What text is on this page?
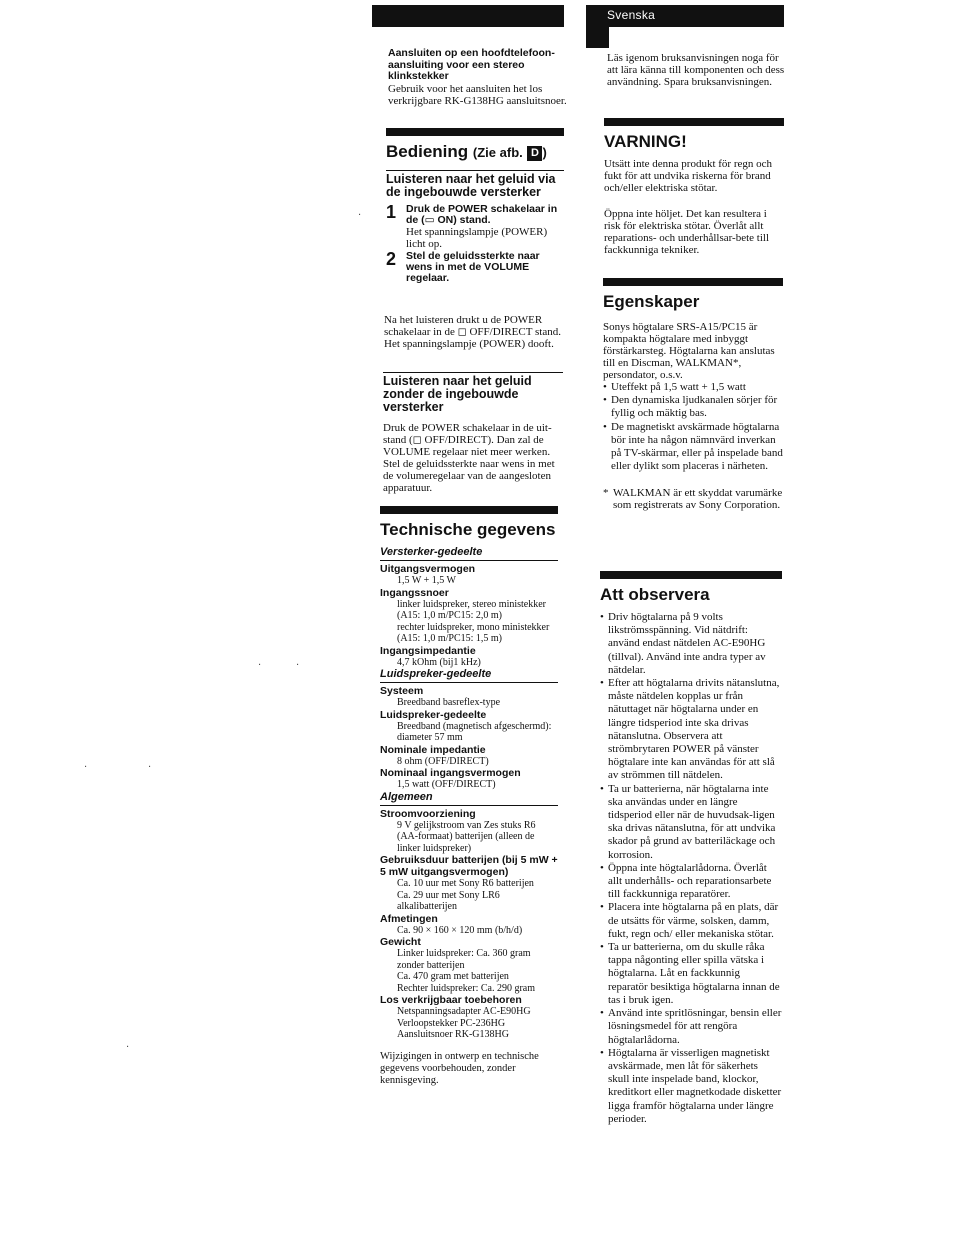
Svenska
Aansluiten op een hoofdtelefoon-aansluiting voor een stereo klinkstekker
Gebruik voor het aansluiten het los verkrijgbare RK-G138HG aansluitsnoer.
Bediening (Zie afb. D )
Luisteren naar het geluid via de ingebouwde versterker
1 Druk de POWER schakelaar in de (▭ ON) stand.
Het spanningslampje (POWER) licht op.
2 Stel de geluidssterkte naar wens in met de VOLUME regelaar.
Na het luisteren drukt u de POWER schakelaar in de ◻ OFF/DIRECT stand. Het spanningslampje (POWER) dooft.
Luisteren naar het geluid zonder de ingebouwde versterker
Druk de POWER schakelaar in de uit-stand (◻ OFF/DIRECT). Dan zal de VOLUME regelaar niet meer werken. Stel de geluidssterkte naar wens in met de volumeregelaar van de aangesloten apparatuur.
Technische gegevens
Versterker-gedeelte
Uitgangsvermogen
1,5 W + 1,5 W
Ingangssnoer
linker luidspreker, stereo ministekker
(A15: 1,0 m/PC15: 2,0 m)
rechter luidspreker, mono ministekker
(A15: 1,0 m/PC15: 1,5 m)
Ingangsimpedantie
4,7 kOhm (bij1 kHz)
Luidspreker-gedeelte
Systeem
Breedband basreflex-type
Luidspreker-gedeelte
Breedband (magnetisch afgeschermd): diameter 57 mm
Nominale impedantie
8 ohm (OFF/DIRECT)
Nominaal ingangsvermogen
1,5 watt (OFF/DIRECT)
Algemeen
Stroomvoorziening
9 V gelijkstroom van Zes stuks R6 (AA-formaat) batterijen (alleen de linker luidspreker)
Gebruiksduur batterijen (bij 5 mW + 5 mW uitgangsvermogen)
Ca. 10 uur met Sony R6 batterijen
Ca. 29 uur met Sony LR6 alkalibatterijen
Afmetingen
Ca. 90 × 160 × 120 mm (b/h/d)
Gewicht
Linker luidspreker: Ca. 360 gram zonder batterijen
Ca. 470 gram met batterijen
Rechter luidspreker: Ca. 290 gram
Los verkrijgbaar toebehoren
Netspanningsadapter AC-E90HG
Verloopstekker PC-236HG
Aansluitsnoer RK-G138HG
Wijzigingen in ontwerp en technische gegevens voorbehouden, zonder kennisgeving.
Läs igenom bruksanvisningen noga för att lära känna till komponenten och dess användning. Spara bruksanvisningen.
VARNING!
Utsätt inte denna produkt för regn och fukt för att undvika riskerna för brand och/eller elektriska stötar.
Öppna inte höljet. Det kan resultera i risk för elektriska stötar. Överlåt allt reparations- och underhållsar-bete till fackkunniga tekniker.
Egenskaper
Sonys högtalare SRS-A15/PC15 är kompakta högtalare med inbyggt förstärkarsteg. Högtalarna kan anslutas till en Discman, WALKMAN*, persondator, o.s.v.
• Uteffekt på 1,5 watt + 1,5 watt
• Den dynamiska ljudkanalen sörjer för fyllig och mäktig bas.
• De magnetiskt avskärmade högtalarna bör inte ha någon nämnvärd inverkan på TV-skärmar, eller på inspelade band eller dylikt som placeras i närheten.
* WALKMAN är ett skyddat varumärke som registrerats av Sony Corporation.
Att observera
• Driv högtalarna på 9 volts likströmsspänning. Vid nätdrift: använd endast nätdelen AC-E90HG (tillval). Använd inte andra typer av nätdelar.
• Efter att högtalarna drivits nätanslutna, måste nätdelen kopplas ur från nätuttaget när högtalarna under en längre tidsperiod inte ska drivas nätanslutna. Observera att strömbrytaren POWER på vänster högtalare inte kan användas för att slå av strömmen till nätdelen.
• Ta ur batterierna, när högtalarna inte ska användas under en längre tidsperiod eller när de huvudsak-ligen ska drivas nätanslutna, för att undvika skador på grund av batteriläckage och korrosion.
• Öppna inte högtalarlådorna. Överlåt allt underhålls- och reparationsarbete till fackkunniga reparatörer.
• Placera inte högtalarna på en plats, där de utsätts för värme, solsken, damm, fukt, regn och/ eller mekaniska stötar.
• Ta ur batterierna, om du skulle råka tappa någonting eller spilla vätska i högtalarna. Låt en fackkunnig reparatör besiktiga högtalarna innan de tas i bruk igen.
• Använd inte spritlösningar, bensin eller lösningsmedel för att rengöra högtalarlådorna.
• Högtalarna är visserligen magnetiskt avskärmade, men låt för säkerhets skull inte inspelade band, klockor, kreditkort eller magnetkodade disketter ligga framför högtalarna under längre perioder.
·
·	·
·	·
·
